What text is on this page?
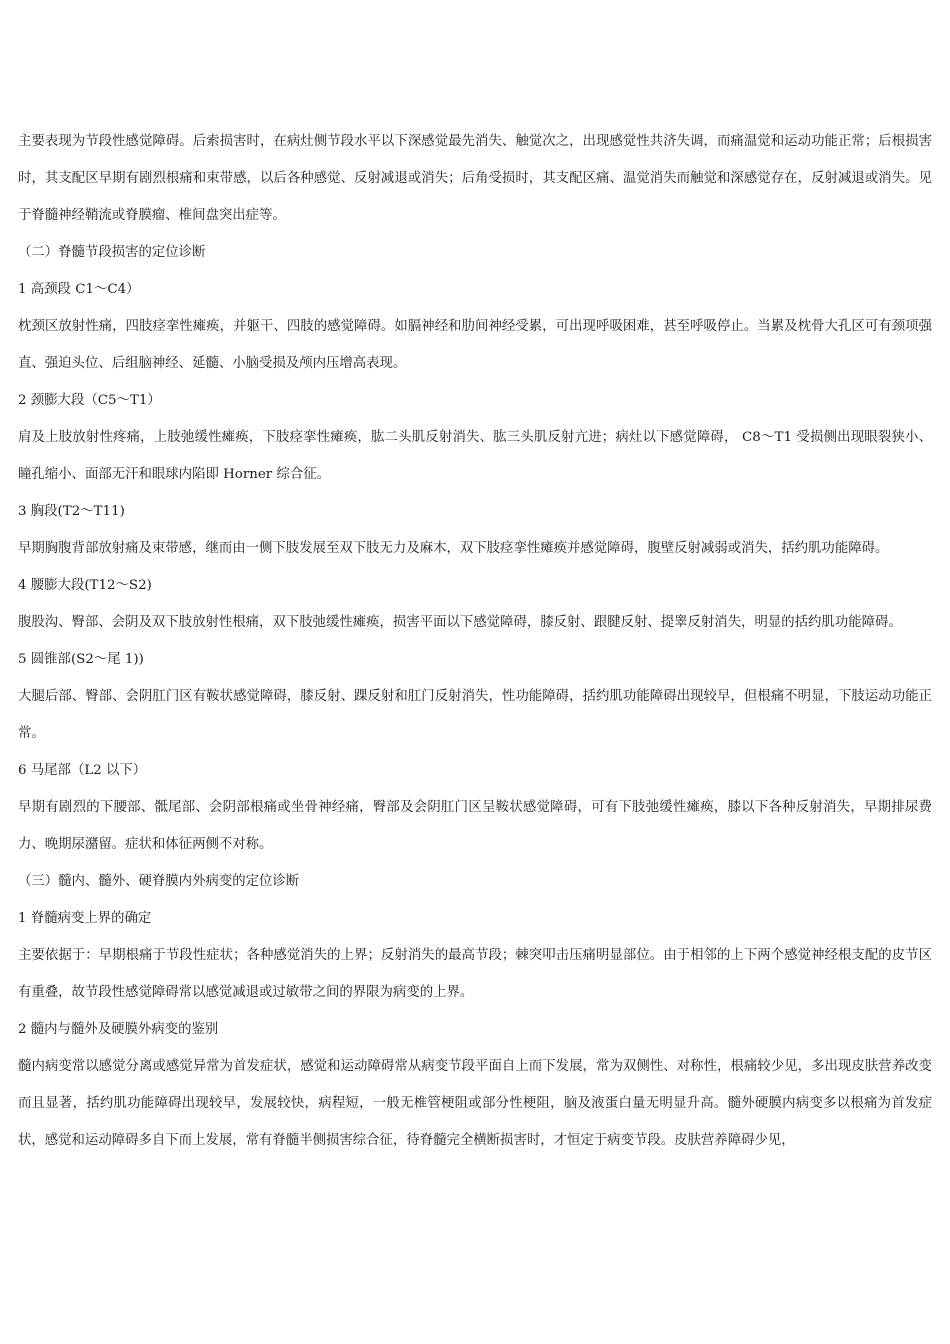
主要表现为节段性感觉障碍。后索损害时，在病灶侧节段水平以下深感觉最先消失、触觉次之，出现感觉性共济失调，而痛温觉和运动功能正常；后根损害时，其支配区早期有剧烈根痛和束带感，以后各种感觉、反射减退或消失；后角受损时，其支配区痛、温觉消失而触觉和深感觉存在，反射减退或消失。见于脊髓神经鞘流或脊膜瘤、椎间盘突出症等。

（二）脊髓节段损害的定位诊断

1 高颈段 C1～C4）

枕颈区放射性痛，四肢痉挛性瘫痪，并躯干、四肢的感觉障碍。如膈神经和肋间神经受累，可出现呼吸困难，甚至呼吸停止。当累及枕骨大孔区可有颈项强直、强迫头位、后组脑神经、延髓、小脑受损及颅内压增高表现。

2 颈膨大段（C5～T1）

肩及上肢放射性疼痛，上肢弛缓性瘫痪，下肢痉挛性瘫痪，肱二头肌反射消失、肱三头肌反射亢进；病灶以下感觉障碍， C8～T1 受损侧出现眼裂狭小、瞳孔缩小、面部无汗和眼球内陷即 Horner 综合征。

3 胸段(T2～T11)

早期胸腹背部放射痛及束带感，继而由一侧下肢发展至双下肢无力及麻木，双下肢痉挛性瘫痪并感觉障碍，腹壁反射减弱或消失，括约肌功能障碍。

4 腰膨大段(T12～S2)

腹股沟、臀部、会阴及双下肢放射性根痛，双下肢弛缓性瘫痪，损害平面以下感觉障碍，膝反射、跟腱反射、提睾反射消失，明显的括约肌功能障碍。

5 圆锥部(S2～尾 1))

大腿后部、臀部、会阴肛门区有鞍状感觉障碍，膝反射、踝反射和肛门反射消失，性功能障碍，括约肌功能障碍出现较早，但根痛不明显，下肢运动功能正常。

6 马尾部（L2 以下）

早期有剧烈的下腰部、骶尾部、会阴部根痛或坐骨神经痛，臀部及会阴肛门区呈鞍状感觉障碍，可有下肢弛缓性瘫痪，膝以下各种反射消失，早期排尿费力、晚期尿潴留。症状和体征两侧不对称。

（三）髓内、髓外、硬脊膜内外病变的定位诊断

1 脊髓病变上界的确定

主要依据于：早期根痛于节段性症状；各种感觉消失的上界；反射消失的最高节段；棘突叩击压痛明显部位。由于相邻的上下两个感觉神经根支配的皮节区有重叠，故节段性感觉障碍常以感觉减退或过敏带之间的界限为病变的上界。

2 髓内与髓外及硬膜外病变的鉴别

髓内病变常以感觉分离或感觉异常为首发症状，感觉和运动障碍常从病变节段平面自上而下发展，常为双侧性、对称性，根痛较少见，多出现皮肤营养改变而且显著，括约肌功能障碍出现较早，发展较快，病程短，一般无椎管梗阻或部分性梗阻，脑及液蛋白量无明显升高。髓外硬膜内病变多以根痛为首发症状，感觉和运动障碍多自下而上发展，常有脊髓半侧损害综合征，待脊髓完全横断损害时，才恒定于病变节段。皮肤营养障碍少见，
